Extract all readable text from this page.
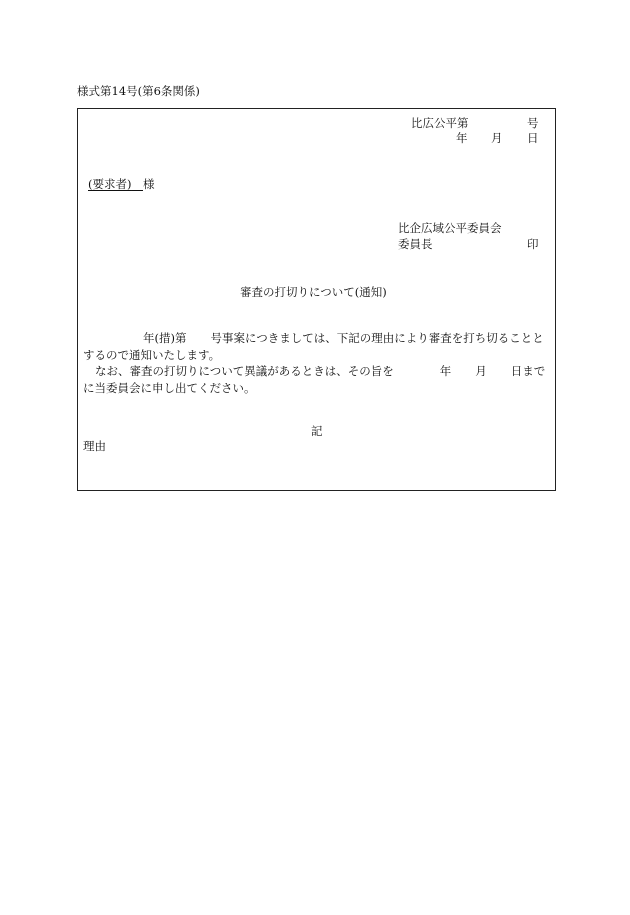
様式第14号(第6条関係)
比広公平第	号
年 月 日
(要求者)   様
比企広域公平委員会
委員長	印
審査の打切りについて(通知)
年(措)第 号事案につきましては、下記の理由により審査を打ち切ることとするので通知いたします。
なお、審査の打切りについて異議があるときは、その旨を	年 月 日までに当委員会に申し出てください。
記
理由
